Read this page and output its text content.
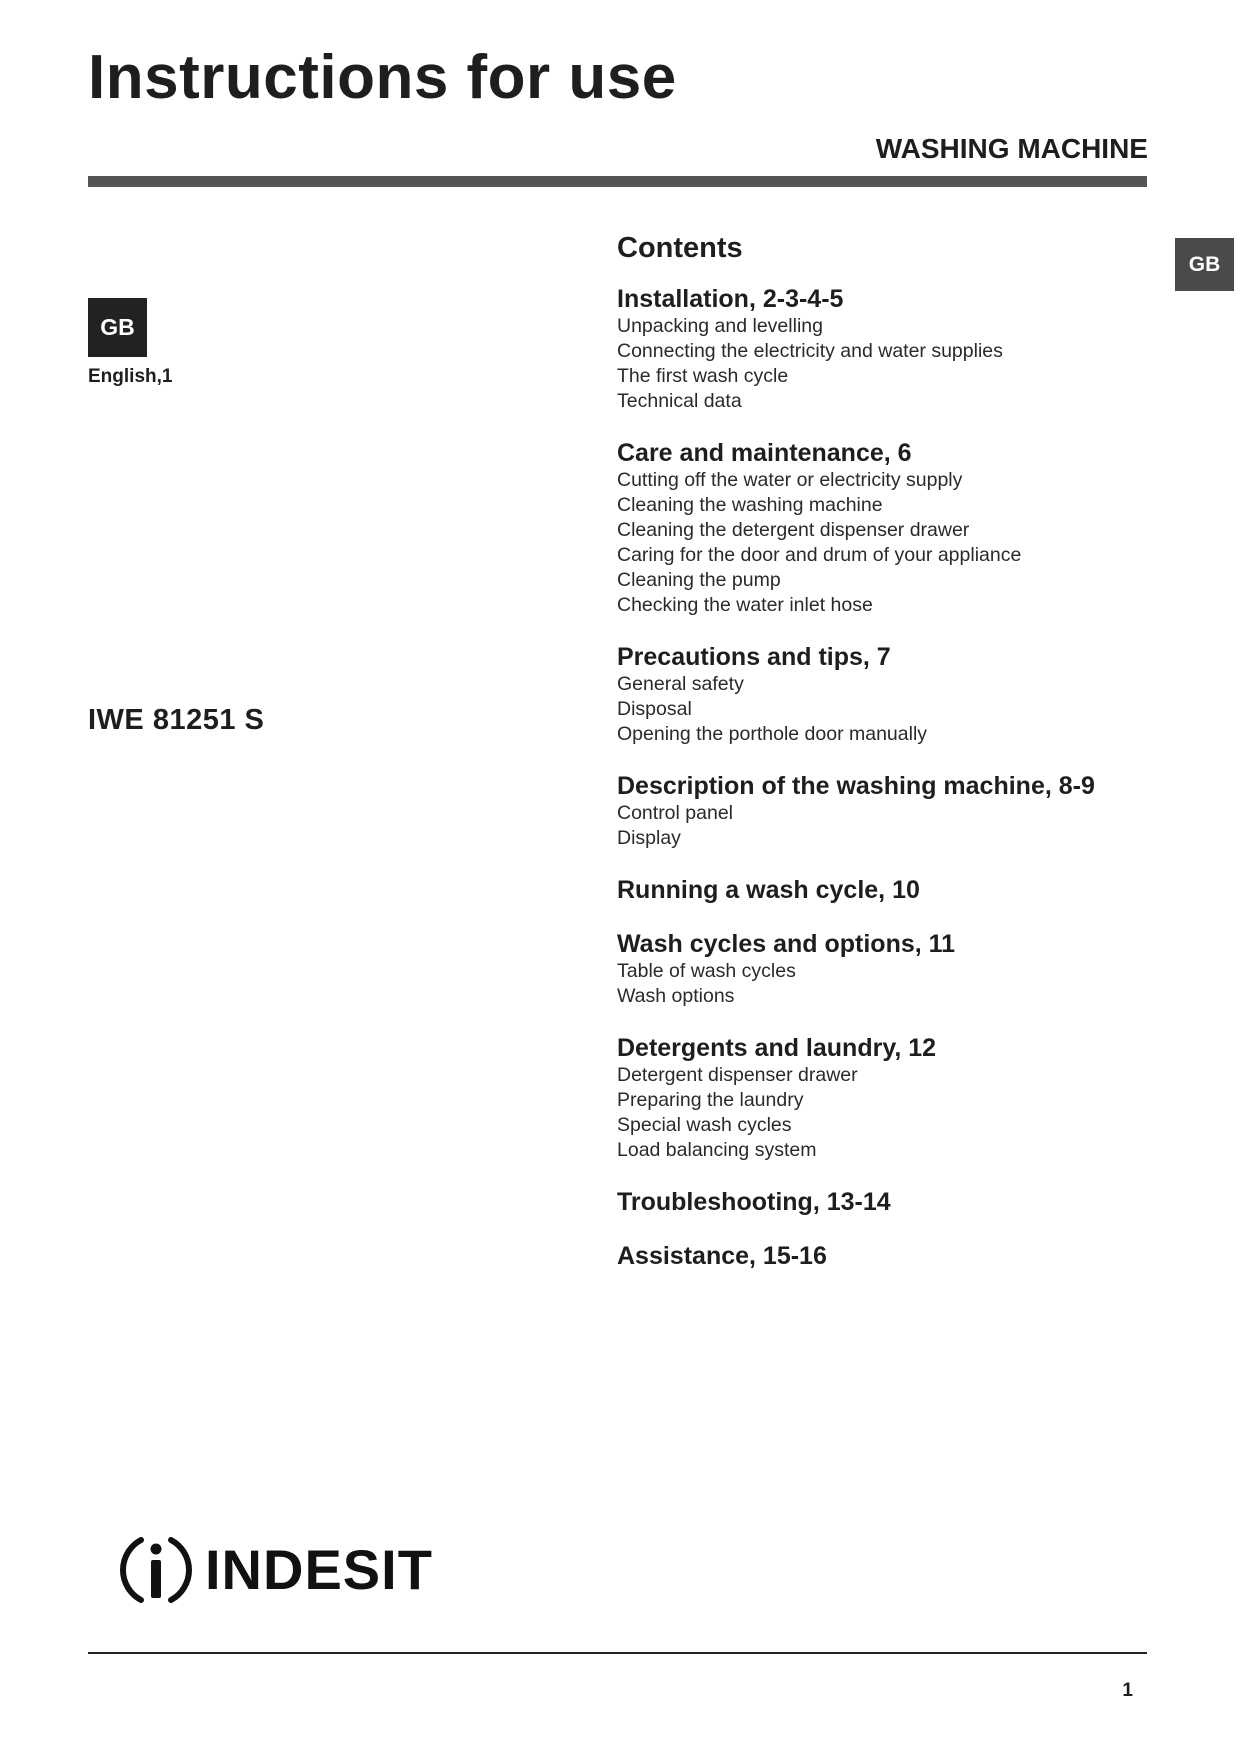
Instructions for use
WASHING MACHINE
GB
GB
English,1
IWE 81251 S
Contents
Installation, 2-3-4-5
Unpacking and levelling
Connecting the electricity and water supplies
The first wash cycle
Technical data
Care and maintenance, 6
Cutting off the water or electricity supply
Cleaning the washing machine
Cleaning the detergent dispenser drawer
Caring for the door and drum of your appliance
Cleaning the pump
Checking the water inlet hose
Precautions and tips, 7
General safety
Disposal
Opening the porthole door manually
Description of the washing machine, 8-9
Control panel
Display
Running a wash cycle, 10
Wash cycles and options, 11
Table of wash cycles
Wash options
Detergents and laundry, 12
Detergent dispenser drawer
Preparing the laundry
Special wash cycles
Load balancing system
Troubleshooting, 13-14
Assistance, 15-16
INDESIT
1
